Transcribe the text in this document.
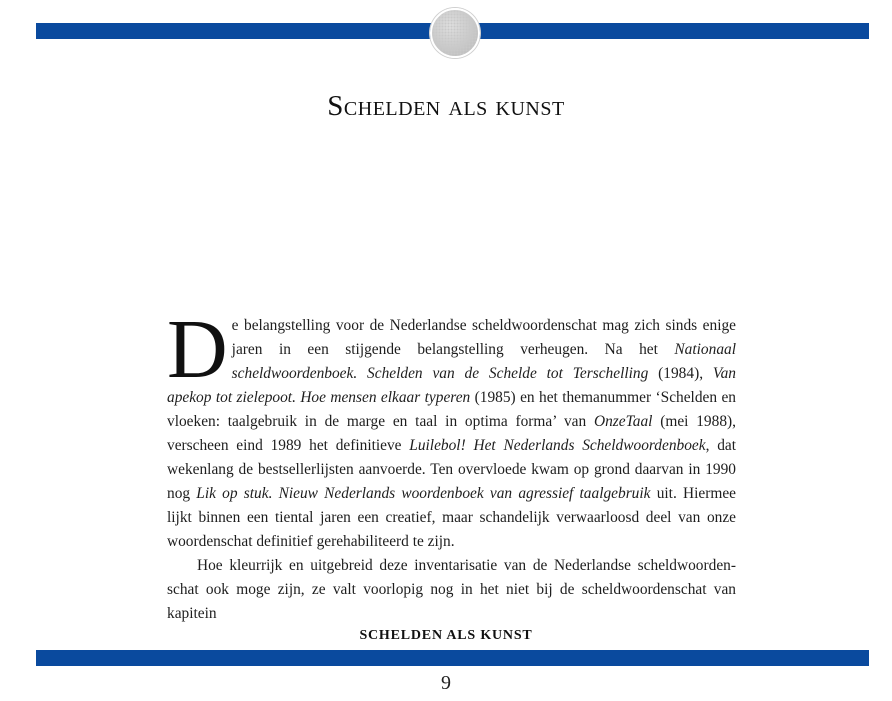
Schelden als kunst

De belangstelling voor de Nederlandse scheldwoordenschat mag zich sinds enige jaren in een stijgende belangstelling verheugen. Na het Nationaal scheldwoordenboek. Schelden van de Schelde tot Terschelling (1984), Van apekop tot zielepoot. Hoe mensen elkaar typeren (1985) en het themanummer ‘Schelden en vloeken: taalgebruik in de marge en taal in optima forma’ van OnzeTaal (mei 1988), verscheen eind 1989 het definitieve Luilebol! Het Nederlands Scheldwoordenboek, dat wekenlang de bestsellerlijsten aanvoerde. Ten overvloede kwam op grond daarvan in 1990 nog Lik op stuk. Nieuw Nederlands woordenboek van agressief taalgebruik uit. Hiermee lijkt binnen een tiental jaren een creatief, maar schandelijk verwaarloosd deel van onze woordenschat definitief gerehabiliteerd te zijn.

Hoe kleurrijk en uitgebreid deze inventarisatie van de Nederlandse scheldwoordenschat ook moge zijn, ze valt voorlopig nog in het niet bij de scheldwoordenschat van kapitein

SCHELDEN ALS KUNST
9
